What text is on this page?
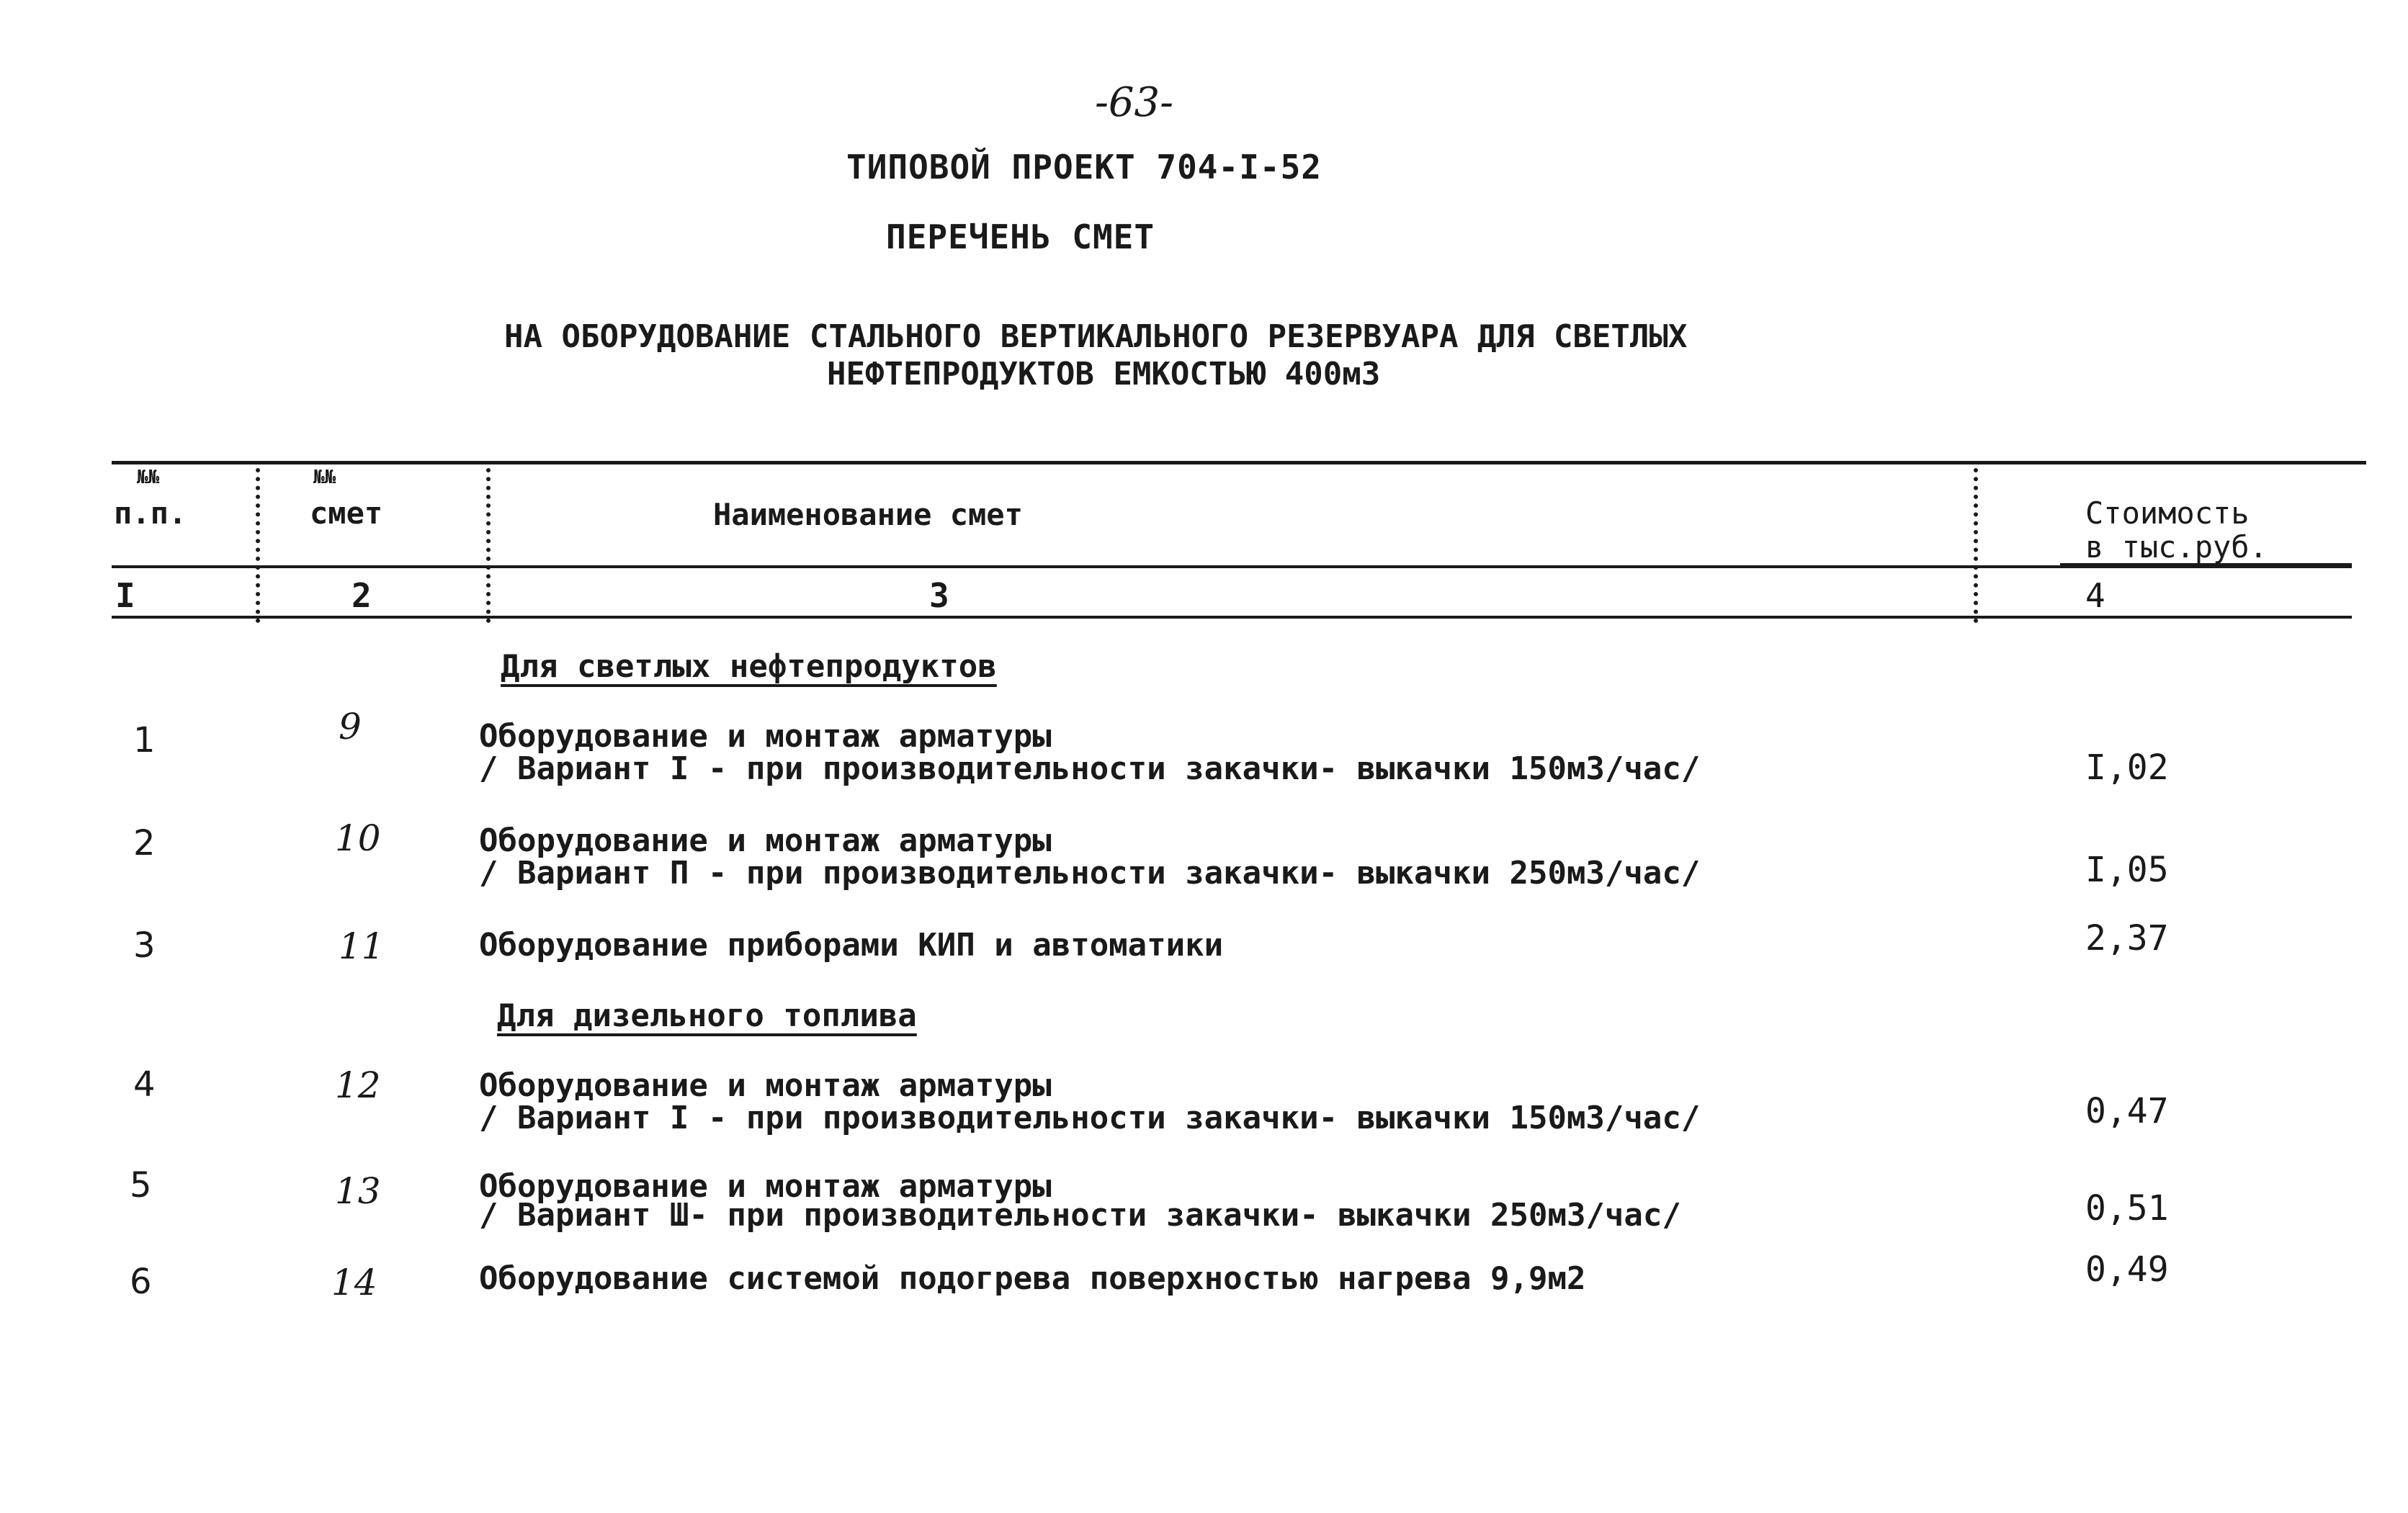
-63-
ТИПОВОЙ ПРОЕКТ 704-I-52
ПЕРЕЧЕНЬ СМЕТ
НА ОБОРУДОВАНИЕ СТАЛЬНОГО ВЕРТИКАЛЬНОГО РЕЗЕРВУАРА ДЛЯ СВЕТЛЫХ
НЕФТЕПРОДУКТОВ ЕМКОСТЬЮ 400м3
№№
п.п.
№№
смет	Наименование смет	Стоимость
в тыс.руб.
I	2	3	4
Для светлых нефтепродуктов
1	9	Оборудование и монтаж арматуры
/ Вариант I - при производительности закачки- выкачки 150м3/час/	I,02
2	10	Оборудование и монтаж арматуры
/ Вариант П - при производительности закачки- выкачки 250м3/час/	I,05
3	11	Оборудование приборами КИП и автоматики	2,37
Для дизельного топлива
4	12	Оборудование и монтаж арматуры
/ Вариант I - при производительности закачки- выкачки 150м3/час/	0,47
5	13	Оборудование и монтаж арматуры
/ Вариант Ш- при производительности закачки- выкачки 250м3/час/	0,51
6	14	Оборудование системой подогрева поверхностью нагрева 9,9м2	0,49
